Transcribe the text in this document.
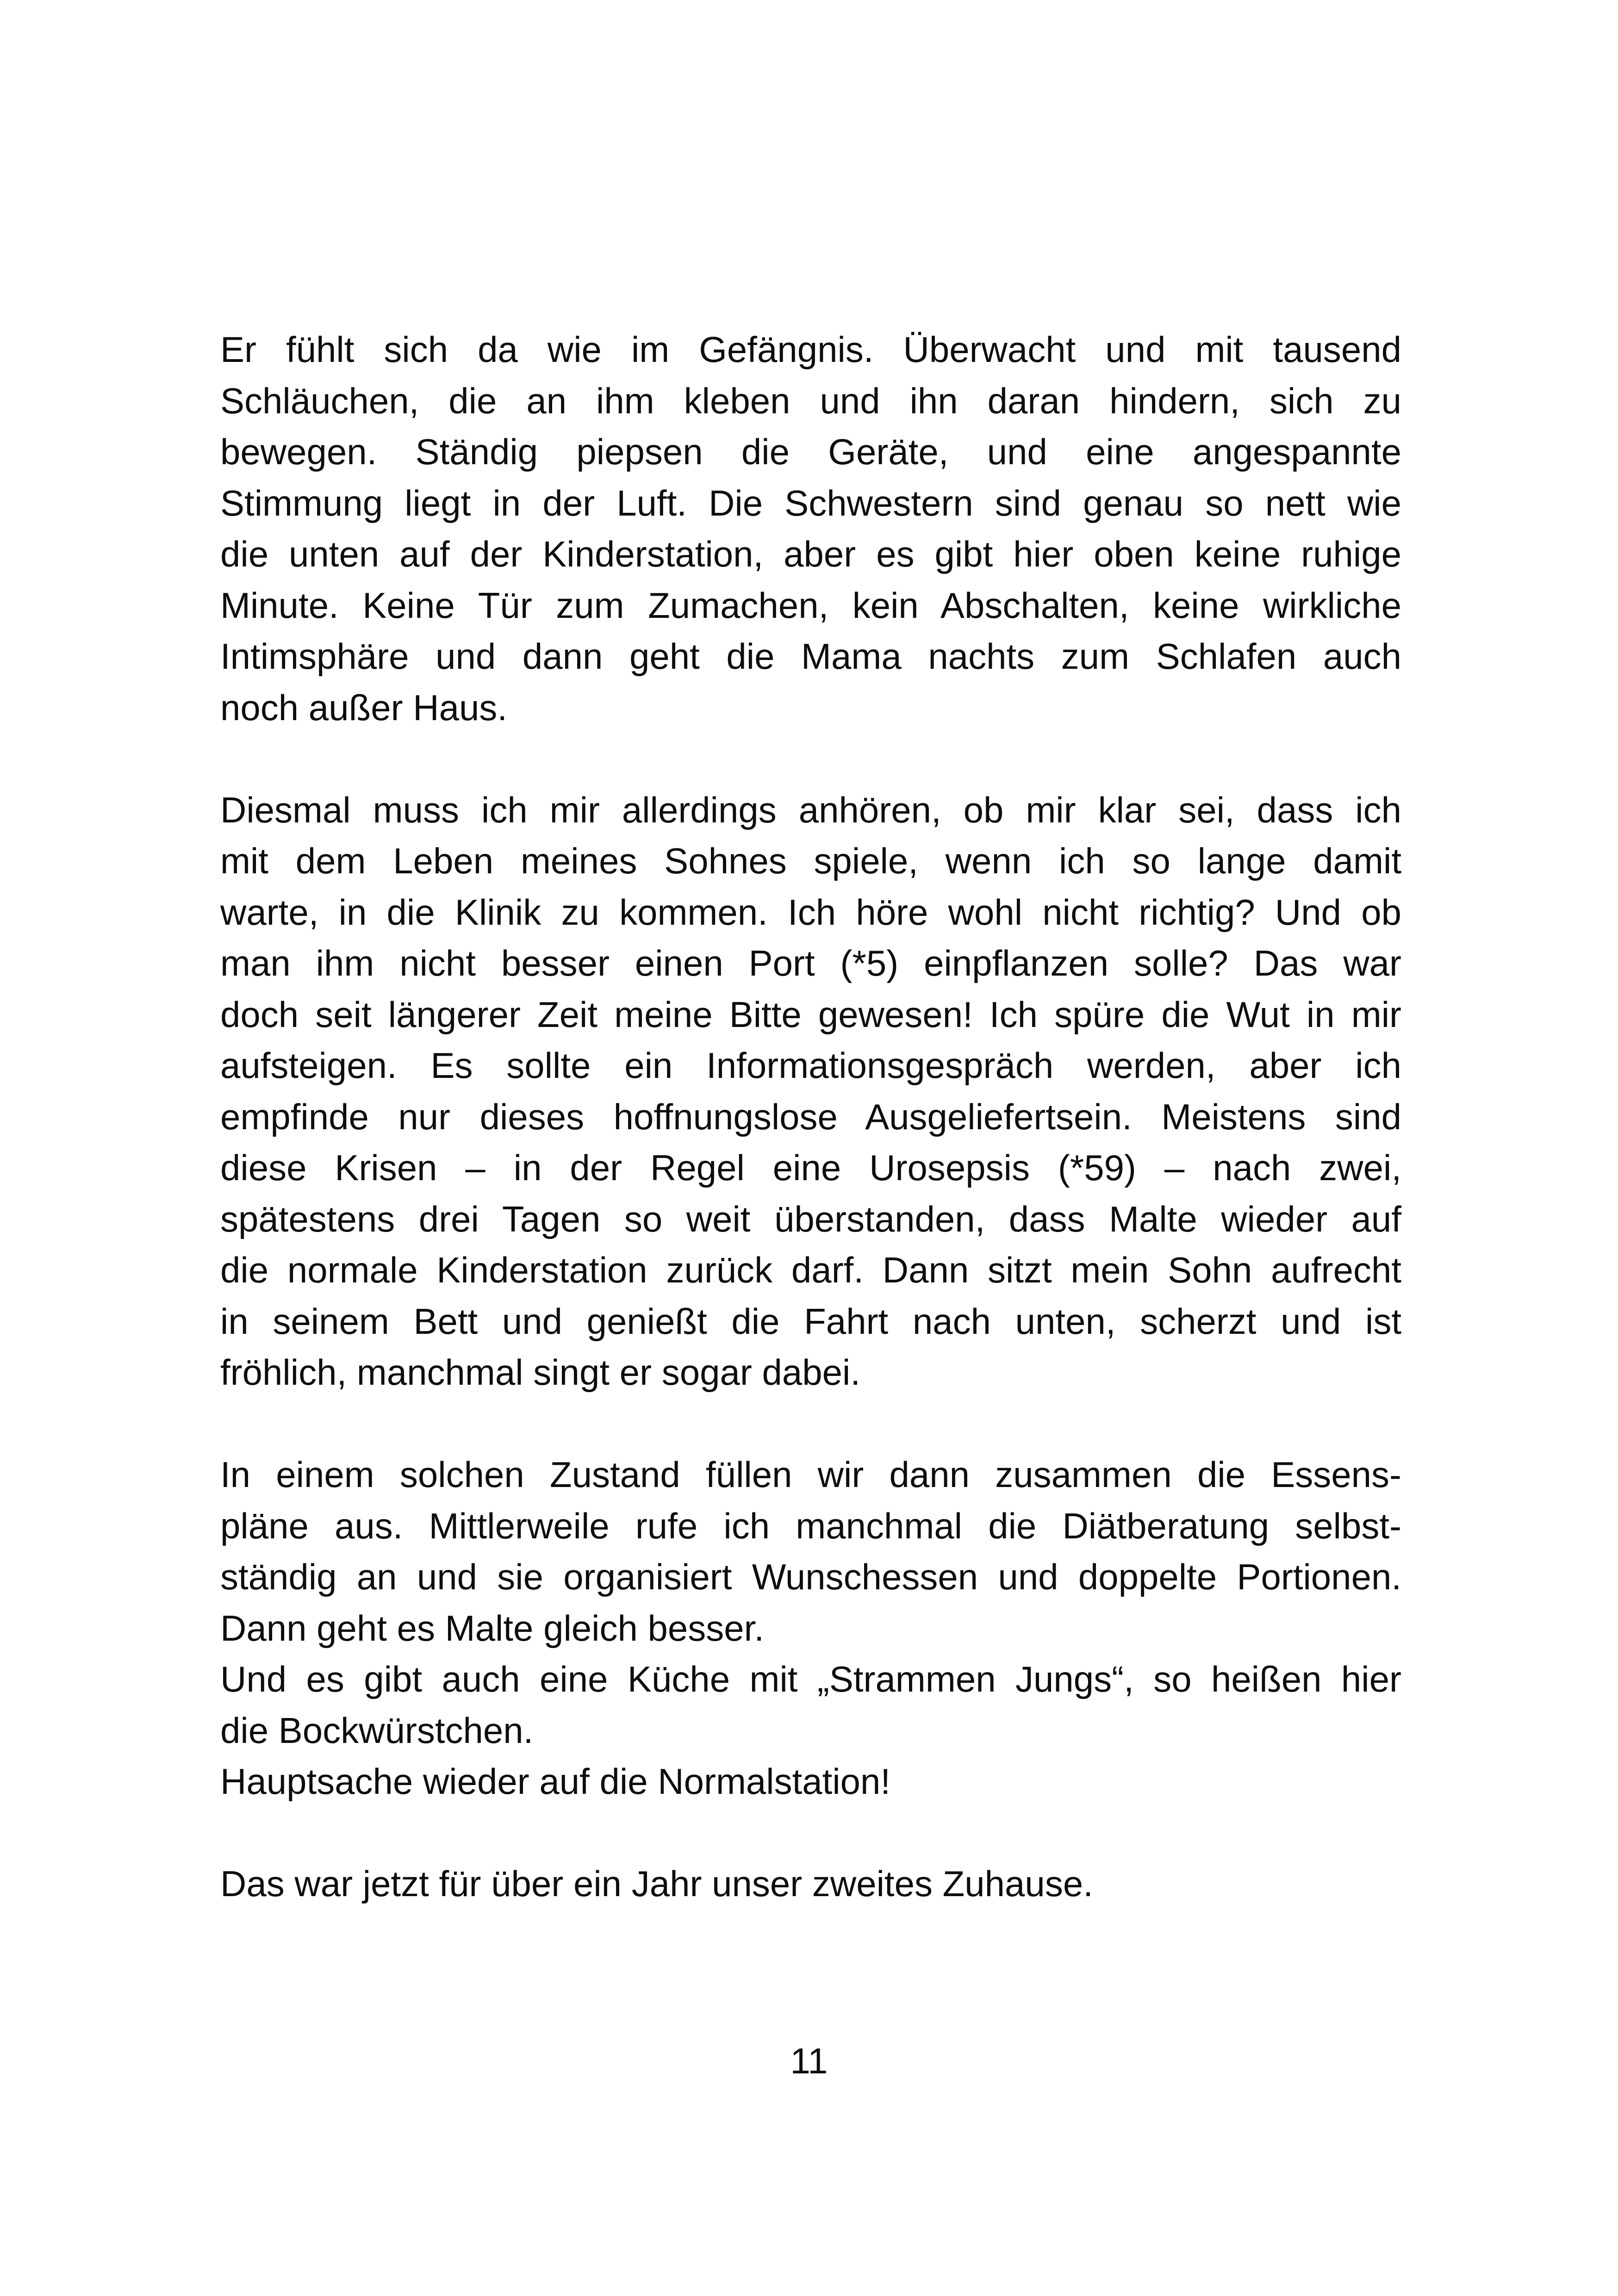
Er fühlt sich da wie im Gefängnis. Überwacht und mit tausend
Schläuchen, die an ihm kleben und ihn daran hindern, sich zu
bewegen. Ständig piepsen die Geräte, und eine angespannte
Stimmung liegt in der Luft. Die Schwestern sind genau so nett wie
die unten auf der Kinderstation, aber es gibt hier oben keine ruhige
Minute. Keine Tür zum Zumachen, kein Abschalten, keine wirkliche
Intimsphäre und dann geht die Mama nachts zum Schlafen auch
noch außer Haus.
Diesmal muss ich mir allerdings anhören, ob mir klar sei, dass ich
mit dem Leben meines Sohnes spiele, wenn ich so lange damit
warte, in die Klinik zu kommen. Ich höre wohl nicht richtig? Und ob
man ihm nicht besser einen Port (*5) einpflanzen solle? Das war
doch seit längerer Zeit meine Bitte gewesen! Ich spüre die Wut in mir
aufsteigen. Es sollte ein Informationsgespräch werden, aber ich
empfinde nur dieses hoffnungslose Ausgeliefertsein. Meistens sind
diese Krisen – in der Regel eine Urosepsis (*59) – nach zwei,
spätestens drei Tagen so weit überstanden, dass Malte wieder auf
die normale Kinderstation zurück darf. Dann sitzt mein Sohn aufrecht
in seinem Bett und genießt die Fahrt nach unten, scherzt und ist
fröhlich, manchmal singt er sogar dabei.
In einem solchen Zustand füllen wir dann zusammen die Essens-
pläne aus. Mittlerweile rufe ich manchmal die Diätberatung selbst-
ständig an und sie organisiert Wunschessen und doppelte Portionen.
Dann geht es Malte gleich besser.
Und es gibt auch eine Küche mit „Strammen Jungs“, so heißen hier
die Bockwürstchen.
Hauptsache wieder auf die Normalstation!
Das war jetzt für über ein Jahr unser zweites Zuhause.
11
